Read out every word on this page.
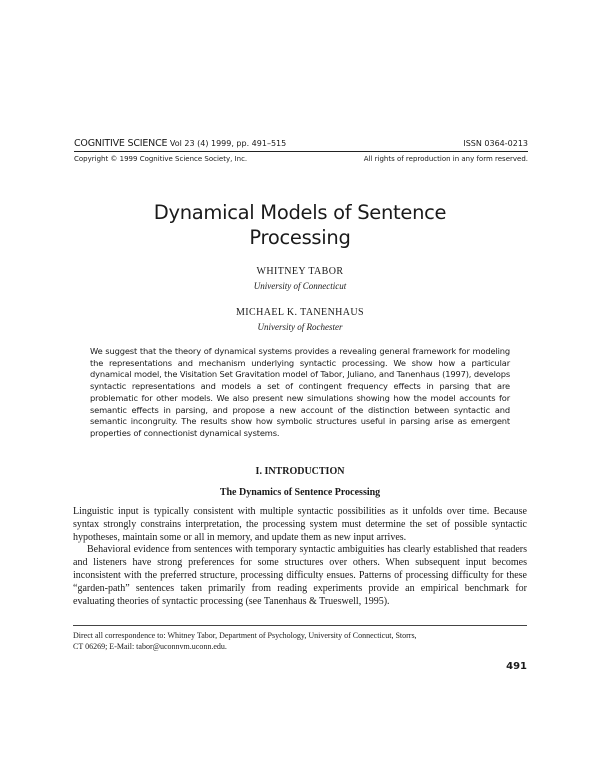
COGNITIVE SCIENCE Vol 23 (4) 1999, pp. 491–515	ISSN 0364-0213
Copyright © 1999 Cognitive Science Society, Inc.	All rights of reproduction in any form reserved.
Dynamical Models of Sentence
Processing
WHITNEY TABOR
University of Connecticut
MICHAEL K. TANENHAUS
University of Rochester
We suggest that the theory of dynamical systems provides a revealing general framework for modeling the representations and mechanism underlying syntactic processing. We show how a particular dynamical model, the Visitation Set Gravitation model of Tabor, Juliano, and Tanenhaus (1997), develops syntactic representations and models a set of contingent frequency effects in parsing that are problematic for other models. We also present new simulations showing how the model accounts for semantic effects in parsing, and propose a new account of the distinction between syntactic and semantic incongruity. The results show how symbolic structures useful in parsing arise as emergent properties of connectionist dynamical systems.
I. INTRODUCTION
The Dynamics of Sentence Processing

Linguistic input is typically consistent with multiple syntactic possibilities as it unfolds over time. Because syntax strongly constrains interpretation, the processing system must determine the set of possible syntactic hypotheses, maintain some or all in memory, and update them as new input arrives.

Behavioral evidence from sentences with temporary syntactic ambiguities has clearly established that readers and listeners have strong preferences for some structures over others. When subsequent input becomes inconsistent with the preferred structure, processing difficulty ensues. Patterns of processing difficulty for these “garden-path” sentences taken primarily from reading experiments provide an empirical benchmark for evaluating theories of syntactic processing (see Tanenhaus & Trueswell, 1995).

Direct all correspondence to: Whitney Tabor, Department of Psychology, University of Connecticut, Storrs,

CT 06269; E-Mail: tabor@uconnvm.uconn.edu.

491
